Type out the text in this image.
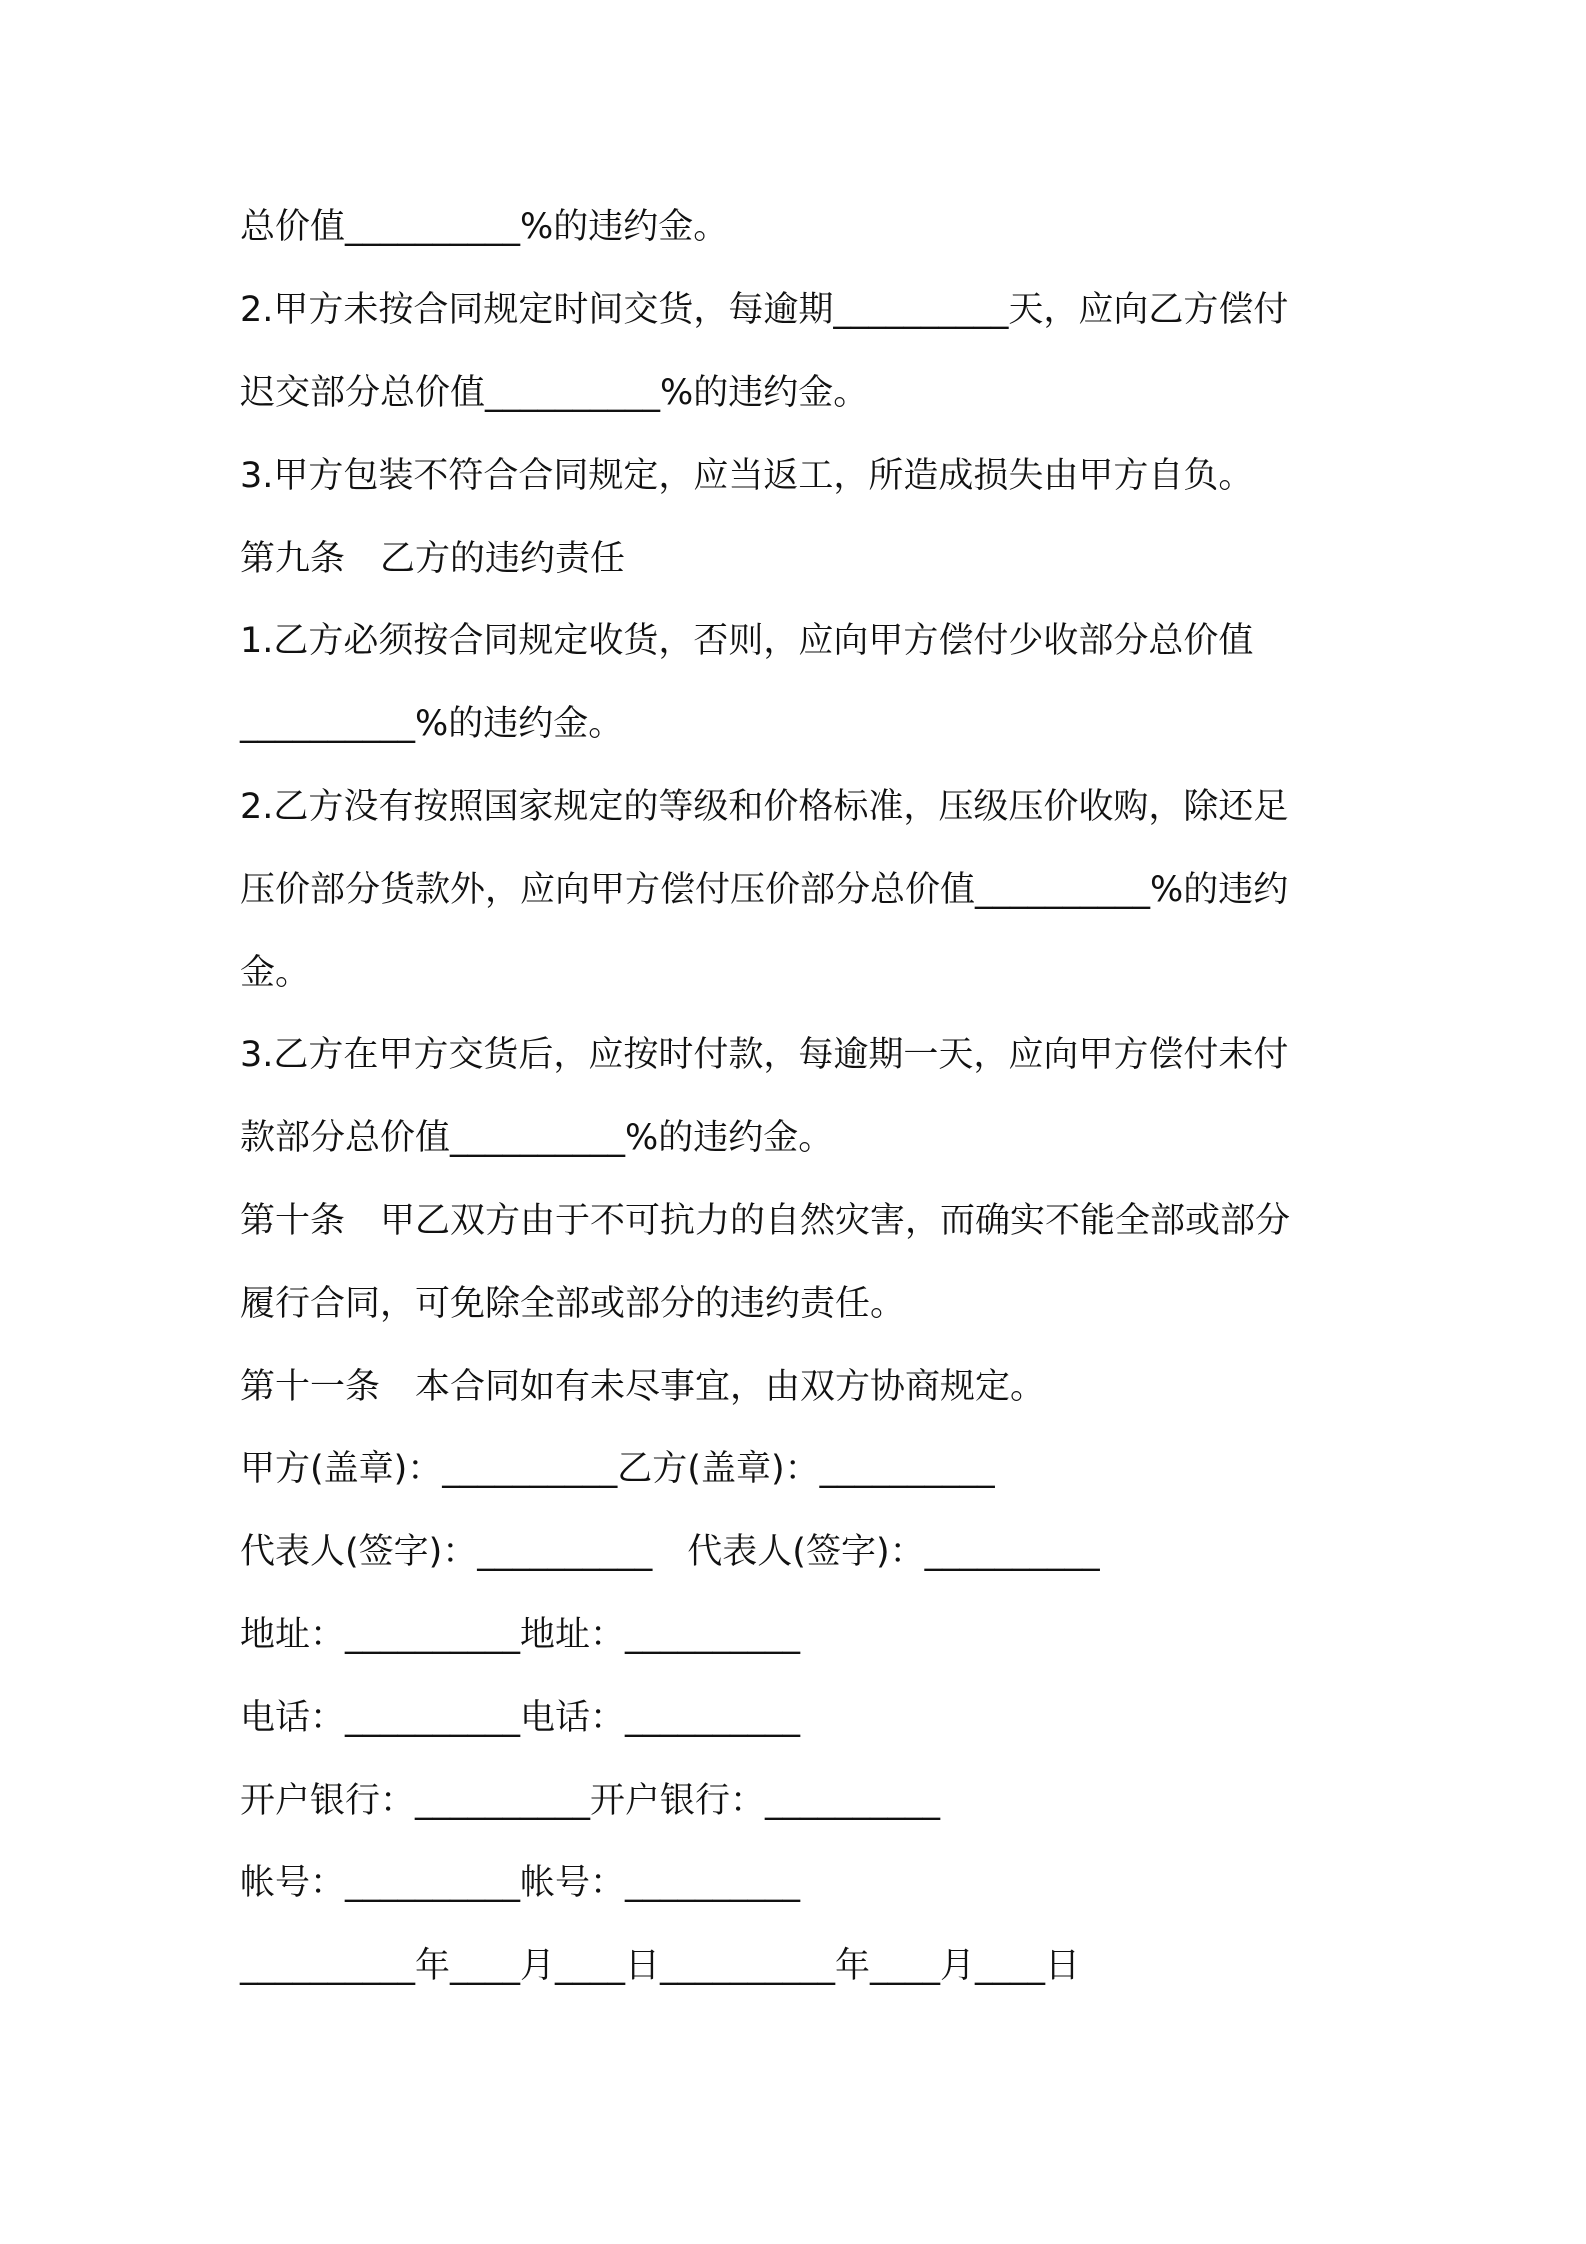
总价值__________%的违约金。

2.甲方未按合同规定时间交货，每逾期__________天，应向乙方偿付

迟交部分总价值__________%的违约金。

3.甲方包装不符合合同规定，应当返工，所造成损失由甲方自负。

第九条　乙方的违约责任

1.乙方必须按合同规定收货，否则，应向甲方偿付少收部分总价值

__________%的违约金。

2.乙方没有按照国家规定的等级和价格标准，压级压价收购，除还足

压价部分货款外，应向甲方偿付压价部分总价值__________%的违约

金。

3.乙方在甲方交货后，应按时付款，每逾期一天，应向甲方偿付未付

款部分总价值__________%的违约金。

第十条　甲乙双方由于不可抗力的自然灾害，而确实不能全部或部分

履行合同，可免除全部或部分的违约责任。

第十一条　本合同如有未尽事宜，由双方协商规定。

甲方(盖章)：__________乙方(盖章)：__________

代表人(签字)：__________　代表人(签字)：__________

地址：__________地址：__________

电话：__________电话：__________

开户银行：__________开户银行：__________

帐号：__________帐号：__________

__________年____月____日__________年____月____日
